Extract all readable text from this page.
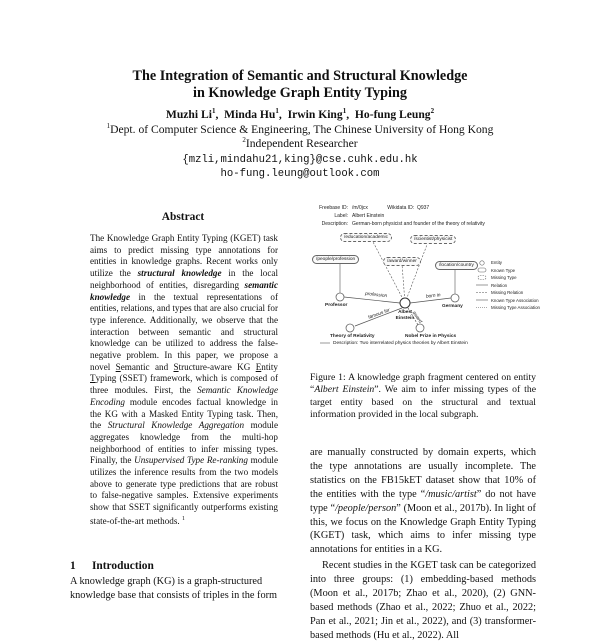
The Integration of Semantic and Structural Knowledge
in Knowledge Graph Entity Typing
Muzhi Li$^1$,  Minda Hu$^1$,  Irwin King$^1$,  Ho-fung Leung$^2$
$^1$Dept. of Computer Science & Engineering, The Chinese University of Hong Kong
$^2$Independent Researcher
{mzli,mindahu21,king}@cse.cuhk.edu.hk
ho-fung.leung@outlook.com
Abstract
The Knowledge Graph Entity Typing (KGET) task aims to predict missing type annotations for entities in knowledge graphs. Recent works only utilize the structural knowledge in the local neighborhood of entities, disregarding semantic knowledge in the textual representations of entities, relations, and types that are also crucial for type inference. Additionally, we observe that the interaction between semantic and structural knowledge can be utilized to address the false-negative problem. In this paper, we propose a novel Semantic and Structure-aware KG Entity Typing (SSET) framework, which is composed of three modules. First, the Semantic Knowledge Encoding module encodes factual knowledge in the KG with a Masked Entity Typing task. Then, the Structural Knowledge Aggregation module aggregates knowledge from the multi-hop neighborhood of entities to infer missing types. Finally, the Unsupervised Type Re-ranking module utilizes the inference results from the two models above to generate type predictions that are robust to false-negative samples. Extensive experiments show that SSET significantly outperforms existing state-of-the-art methods. $^1$
1 Introduction
A knowledge graph (KG) is a graph-structured
knowledge base that consists of triples in the form
Freebase ID: /m/0jcx	Wikidata ID: Q937
Label: Albert Einstein
Description: German-born physicist and founder of the theory of relativity
/education/academic	/scientist/physicist
/people/profession	/award/winner
/location/country
Professor
Albert Einstein
Germany
Theory of Relativity	Nobel Prize in Physics
profession	born in
famous for	award
Description: Two interrelated physics theories by Albert Einstein
Entity
Known Type
Missing Type
Relation
Missing Relation
Known Type Association
Missing Type Association
Figure 1: A knowledge graph fragment centered on entity “Albert Einstein”. We aim to infer missing types of the target entity based on the structural and textual information provided in the local subgraph.

are manually constructed by domain experts, which the type annotations are usually incomplete. The statistics on the FB15kET dataset show that 10% of the entities with the type “/music/artist” do not have type “/people/person” (Moon et al., 2017b). In light of this, we focus on the Knowledge Graph Entity Typing (KGET) task, which aims to infer missing type annotations for entities in a KG.

Recent studies in the KGET task can be categorized into three groups: (1) embedding-based methods (Moon et al., 2017b; Zhao et al., 2020), (2) GNN-based methods (Zhao et al., 2022; Zhuo et al., 2022; Pan et al., 2021; Jin et al., 2022), and (3) transformer-based methods (Hu et al., 2022). All
